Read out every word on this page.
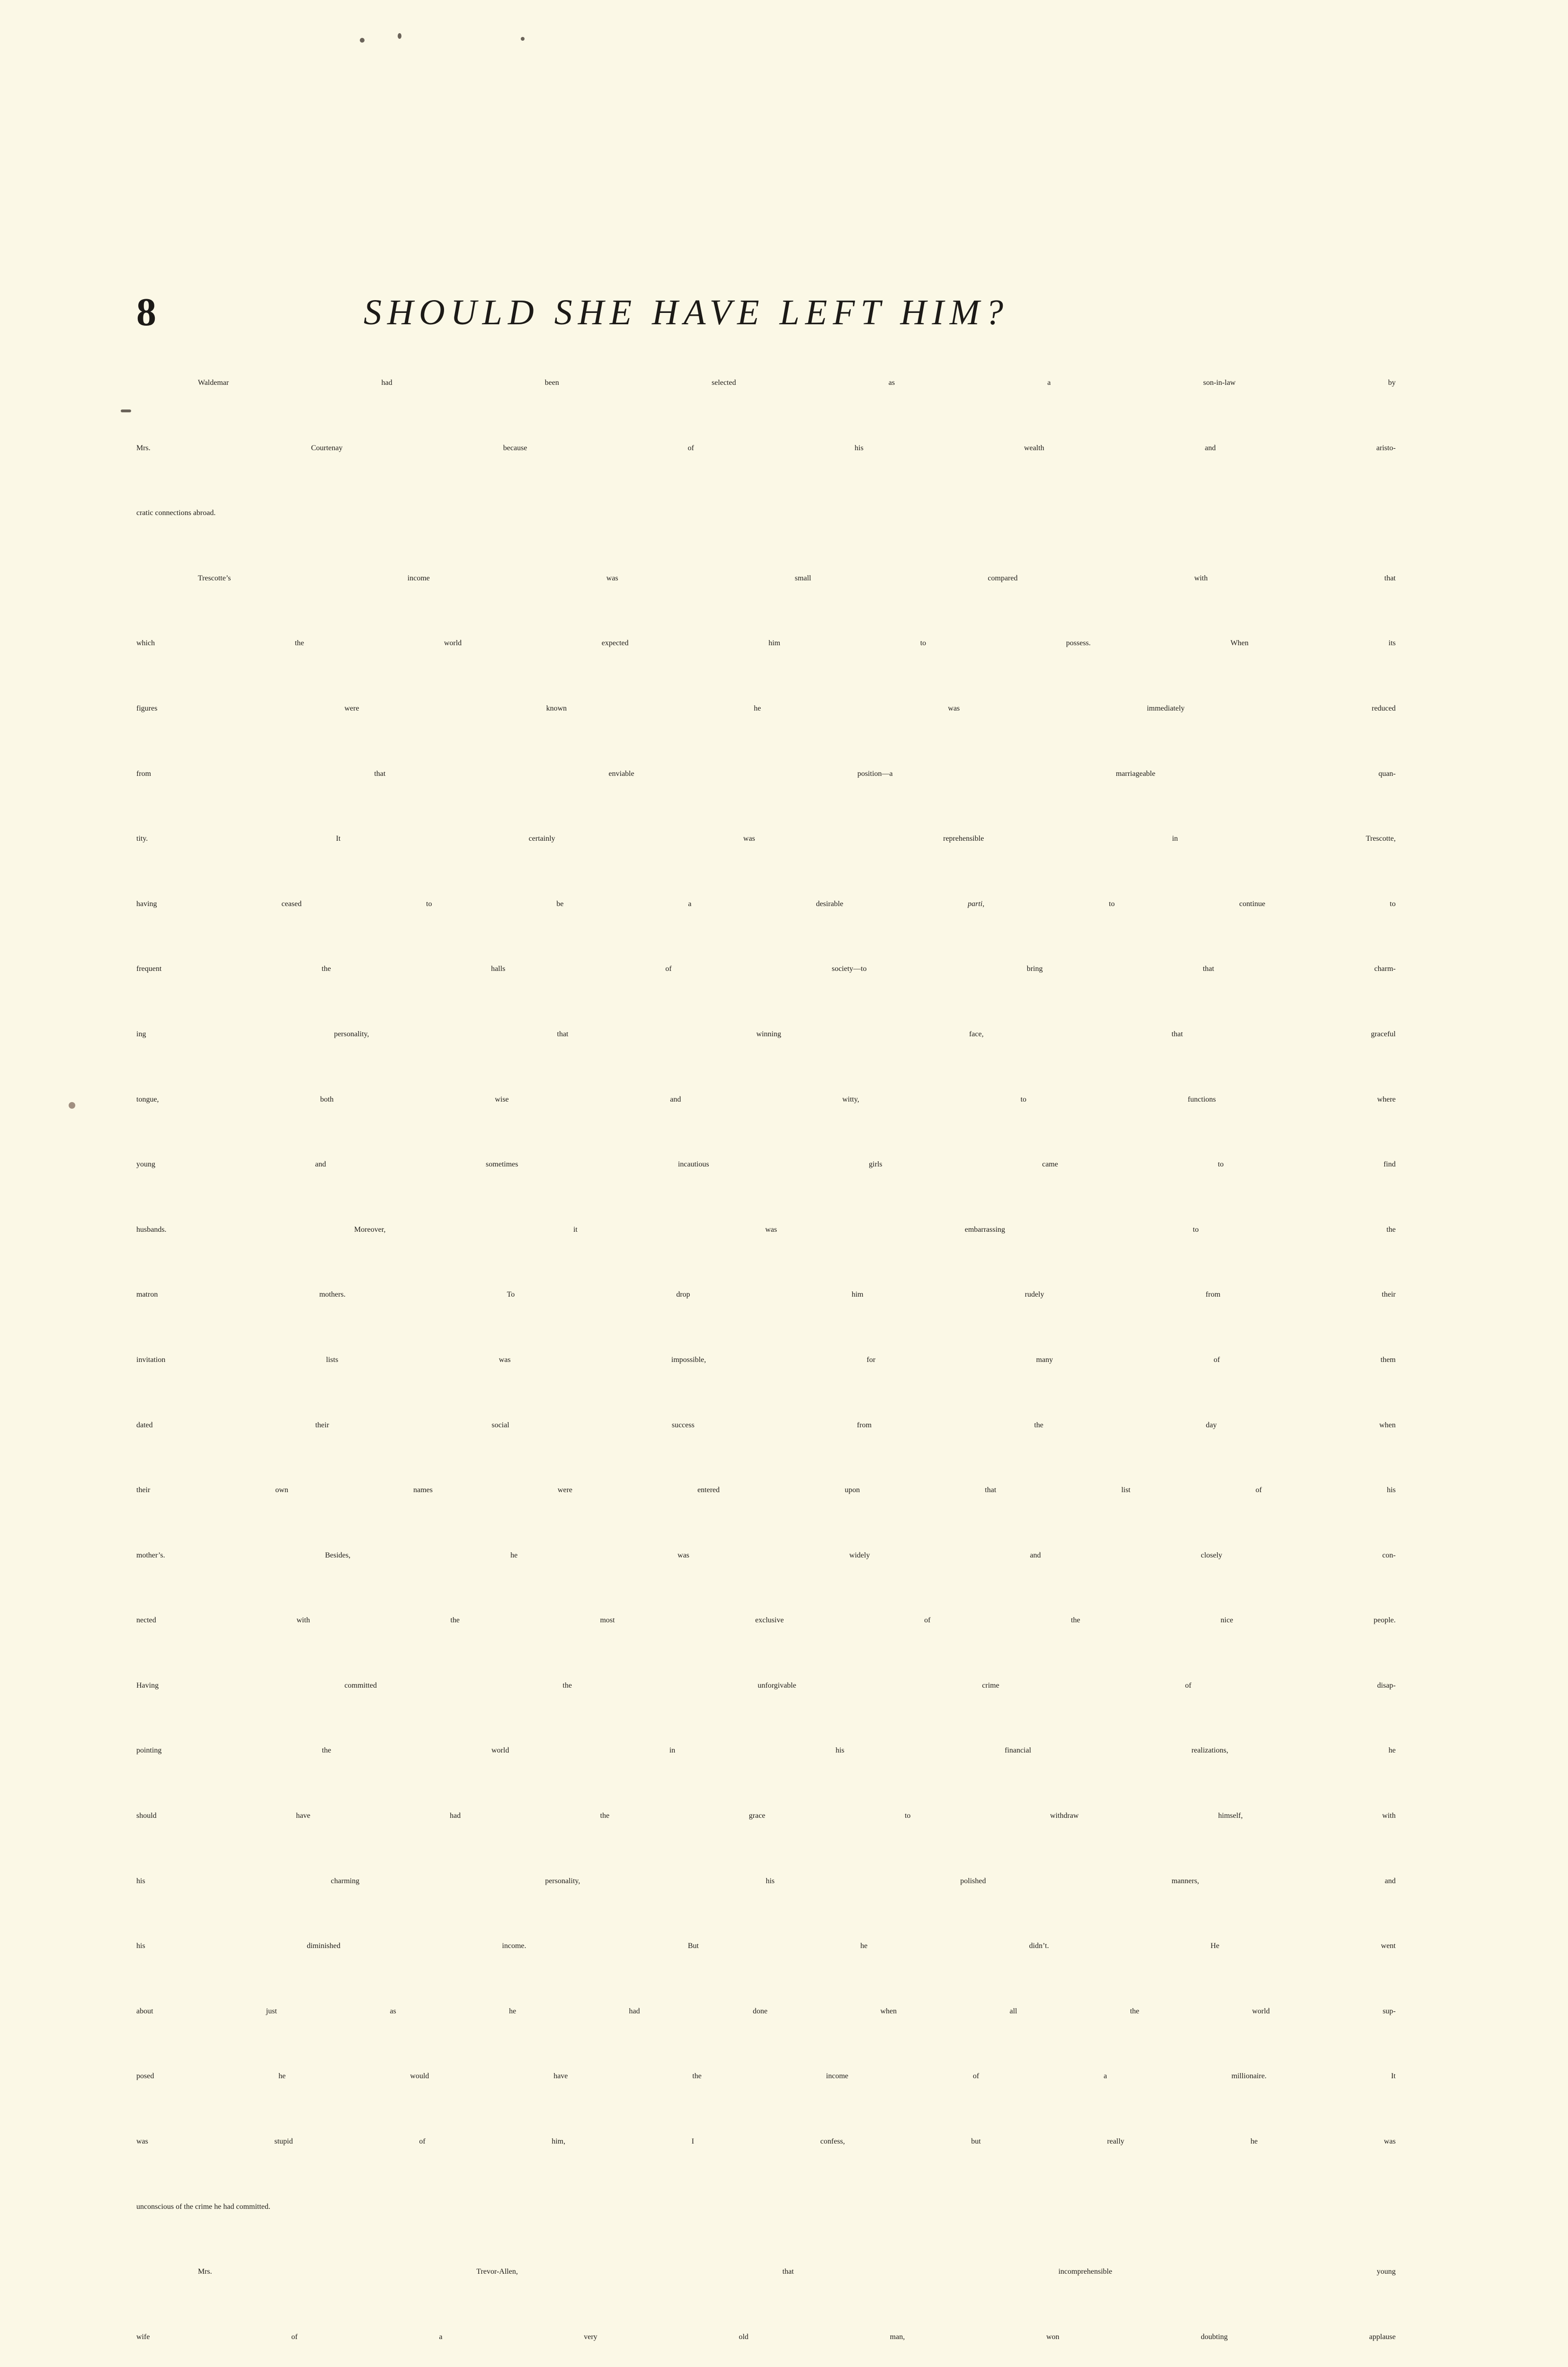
8	SHOULD SHE HAVE LEFT HIM?
Waldemar had been selected as a son-in-law by
Mrs. Courtenay because of his wealth and aristo-
cratic connections abroad.
Trescotte’s income was small compared with that
which the world expected him to possess. When its
figures were known he was immediately reduced
from that enviable position—a marriageable quan-
tity. It certainly was reprehensible in Trescotte,
having ceased to be a desirable parti, to continue to
frequent the halls of society—to bring that charm-
ing personality, that winning face, that graceful
tongue, both wise and witty, to functions where
young and sometimes incautious girls came to find
husbands. Moreover, it was embarrassing to the
matron mothers. To drop him rudely from their
invitation lists was impossible, for many of them
dated their social success from the day when
their own names were entered upon that list of his
mother’s. Besides, he was widely and closely con-
nected with the most exclusive of the nice people.
Having committed the unforgivable crime of disap-
pointing the world in his financial realizations, he
should have had the grace to withdraw himself, with
his charming personality, his polished manners, and
his diminished income. But he didn’t. He went
about just as he had done when all the world sup-
posed he would have the income of a millionaire. It
was stupid of him, I confess, but really he was
unconscious of the crime he had committed.
Mrs. Trevor-Allen, that incomprehensible young
wife of a very old man, won doubting applause
